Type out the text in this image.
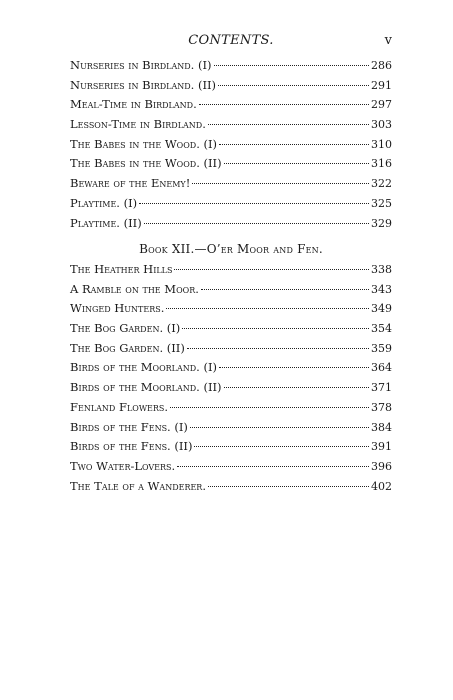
CONTENTS.	v
Nurseries in Birdland. (I)	286
Nurseries in Birdland. (II)	291
Meal-Time in Birdland.	297
Lesson-Time in Birdland.	303
The Babes in the Wood. (I)	310
The Babes in the Wood. (II)	316
Beware of the Enemy!	322
Playtime. (I)	325
Playtime. (II)	329
Book XII.—O’er Moor and Fen.
The Heather Hills	338
A Ramble on the Moor.	343
Winged Hunters.	349
The Bog Garden. (I)	354
The Bog Garden. (II)	359
Birds of the Moorland. (I)	364
Birds of the Moorland. (II)	371
Fenland Flowers.	378
Birds of the Fens. (I)	384
Birds of the Fens. (II)	391
Two Water-Lovers.	396
The Tale of a Wanderer.	402
